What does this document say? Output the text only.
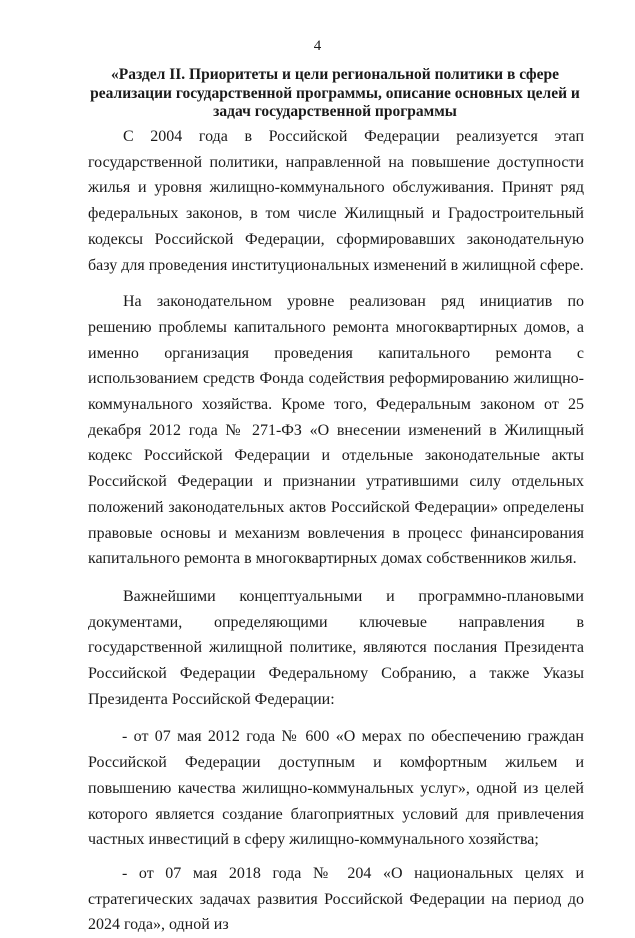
4
«Раздел II. Приоритеты и цели региональной политики в сфере реализации государственной программы, описание основных целей и задач государственной программы

С 2004 года в Российской Федерации реализуется этап государственной политики, направленной на повышение доступности жилья и уровня жилищно-коммунального обслуживания. Принят ряд федеральных законов, в том числе Жилищный и Градостроительный кодексы Российской Федерации, сформировавших законодательную базу для проведения институциональных изменений в жилищной сфере.

На законодательном уровне реализован ряд инициатив по решению проблемы капитального ремонта многоквартирных домов, а именно организация проведения капитального ремонта с использованием средств Фонда содействия реформированию жилищно-коммунального хозяйства. Кроме того, Федеральным законом от 25 декабря 2012 года № 271-ФЗ «О внесении изменений в Жилищный кодекс Российской Федерации и отдельные законодательные акты Российской Федерации и признании утратившими силу отдельных положений законодательных актов Российской Федерации» определены правовые основы и механизм вовлечения в процесс финансирования капитального ремонта в многоквартирных домах собственников жилья.

Важнейшими концептуальными и программно-плановыми документами, определяющими ключевые направления в государственной жилищной политике, являются послания Президента Российской Федерации Федеральному Собранию, а также Указы Президента Российской Федерации:

- от 07 мая 2012 года № 600 «О мерах по обеспечению граждан Российской Федерации доступным и комфортным жильем и повышению качества жилищно-коммунальных услуг», одной из целей которого является создание благоприятных условий для привлечения частных инвестиций в сферу жилищно-коммунального хозяйства;

- от 07 мая 2018 года № 204 «О национальных целях и стратегических задачах развития Российской Федерации на период до 2024 года», одной из
